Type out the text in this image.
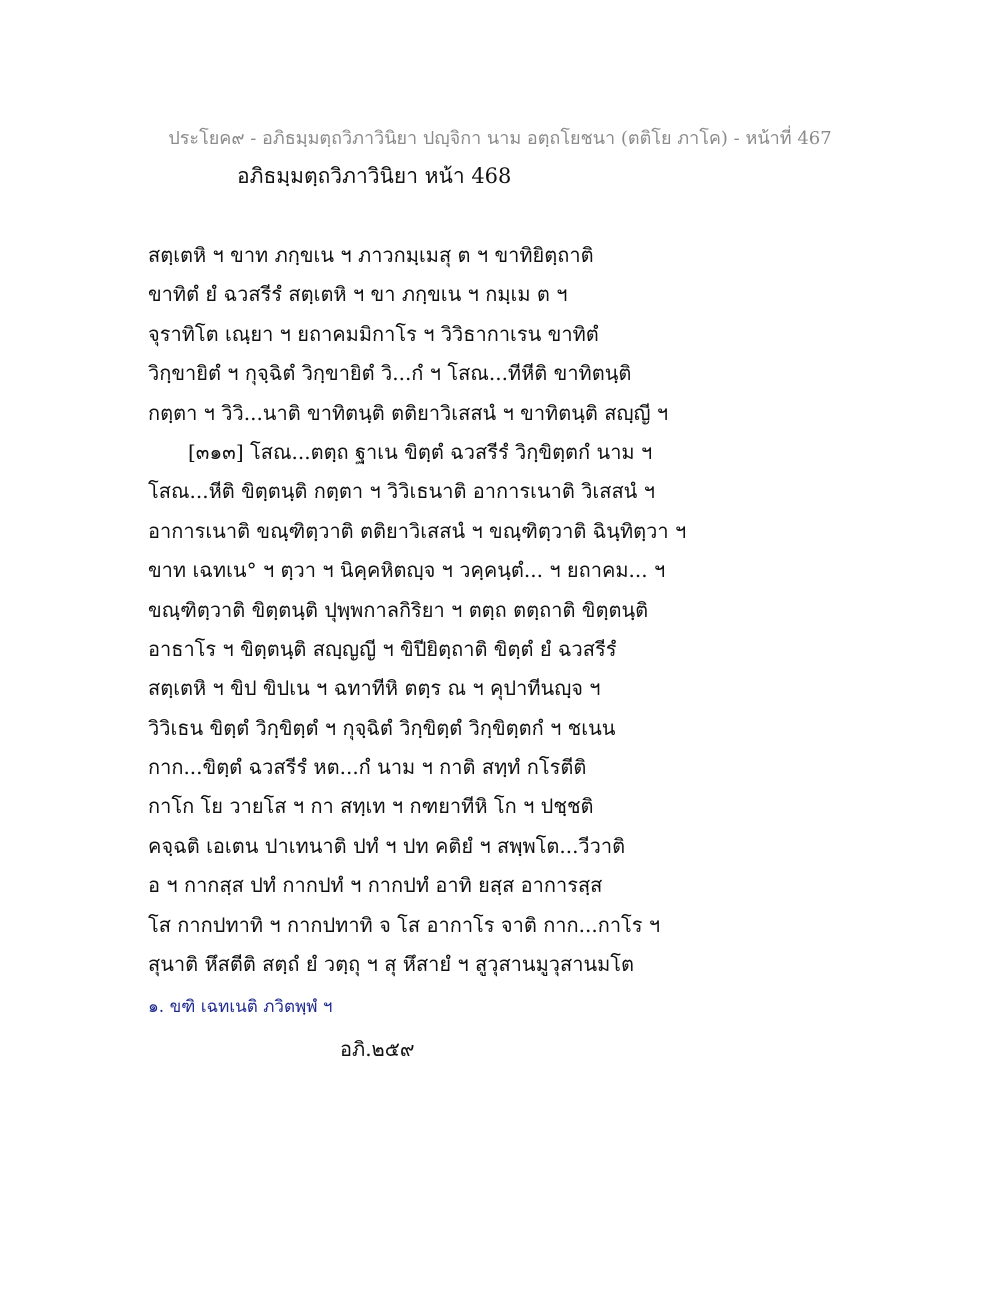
ประโยค๙ - อภิธมฺมตฺถวิภาวินิยา ปญฺจิกา นาม อตฺถโยชนา (ตติโย ภาโค) - หน้าที่ 467
อภิธมฺมตฺถวิภาวินิยา หน้า 468
สตฺเตหิ ฯ ขาท ภกฺขเน ฯ ภาวกมฺเมสุ ต ฯ ขาทิยิตฺถาติ
ขาทิตํ ยํ ฉวสรีรํ สตฺเตหิ ฯ ขา ภกฺขเน ฯ กมฺเม ต ฯ
จุราทิโต เณฺยา ฯ ยถาคมมิกาโร ฯ วิวิธากาเรน ขาทิตํ
วิกฺขายิตํ ฯ กุจฺฉิตํ วิกฺขายิตํ วิ...กํ ฯ โสณ...ทีหีติ ขาทิตนฺติ
กตฺตา ฯ วิวิ...นาติ ขาทิตนฺติ ตติยาวิเสสนํ ฯ ขาทิตนฺติ สญฺญี ฯ
[๓๑๓] โสณ...ตตฺถ ฐาเน ขิตฺตํ ฉวสรีรํ วิกฺขิตฺตกํ นาม ฯ
โสณ...หีติ ขิตฺตนฺติ กตฺตา ฯ วิวิเธนาติ อาการเนาติ วิเสสนํ ฯ
อาการเนาติ ขณฺฑิตฺวาติ ตติยาวิเสสนํ ฯ ขณฺฑิตฺวาติ ฉินฺทิตฺวา ฯ
ขาท เฉทเน° ฯ ตฺวา ฯ นิคฺคหิตญฺจ ฯ วคฺคนฺตํ... ฯ ยถาคม... ฯ
ขณฺฑิตฺวาติ ขิตฺตนฺติ ปุพฺพกาลกิริยา ฯ ตตฺถ ตตฺถาติ ขิตฺตนฺติ
อาธาโร ฯ ขิตฺตนฺติ สญฺญญี ฯ ขิปียิตฺถาติ ขิตฺตํ ยํ ฉวสรีรํ
สตฺเตหิ ฯ ขิป ขิปเน ฯ ฉทาทีหิ ตตฺร ณ ฯ คุปาทีนญฺจ ฯ
วิวิเธน ขิตฺตํ วิกฺขิตฺตํ ฯ กุจฺฉิตํ วิกฺขิตฺตํ วิกฺขิตฺตกํ ฯ ชเนน
กาก...ขิตฺตํ ฉวสรีรํ หต...กํ นาม ฯ กาติ สทฺทํ กโรตีติ
กาโก โย วายโส ฯ กา สทฺเท ฯ กฑยาทีหิ โก ฯ ปชฺชติ
คจฺฉติ เอเตน ปาเทนาติ ปทํ ฯ ปท คติยํ ฯ สพฺพโต...วีวาติ
อ ฯ กากสฺส ปทํ กากปทํ ฯ กากปทํ อาทิ ยสฺส อาการสฺส
โส กากปทาทิ ฯ กากปทาทิ จ โส อากาโร จาติ กาก...กาโร ฯ
สุนาติ หึสตีติ สตฺถํ ยํ วตฺถุ ฯ สุ หึสายํ ฯ สูวุสานมูวุสานมโต
๑. ขฑิ เฉทเนติ ภวิตพฺพํ ฯ
อภิ.๒๕๙
